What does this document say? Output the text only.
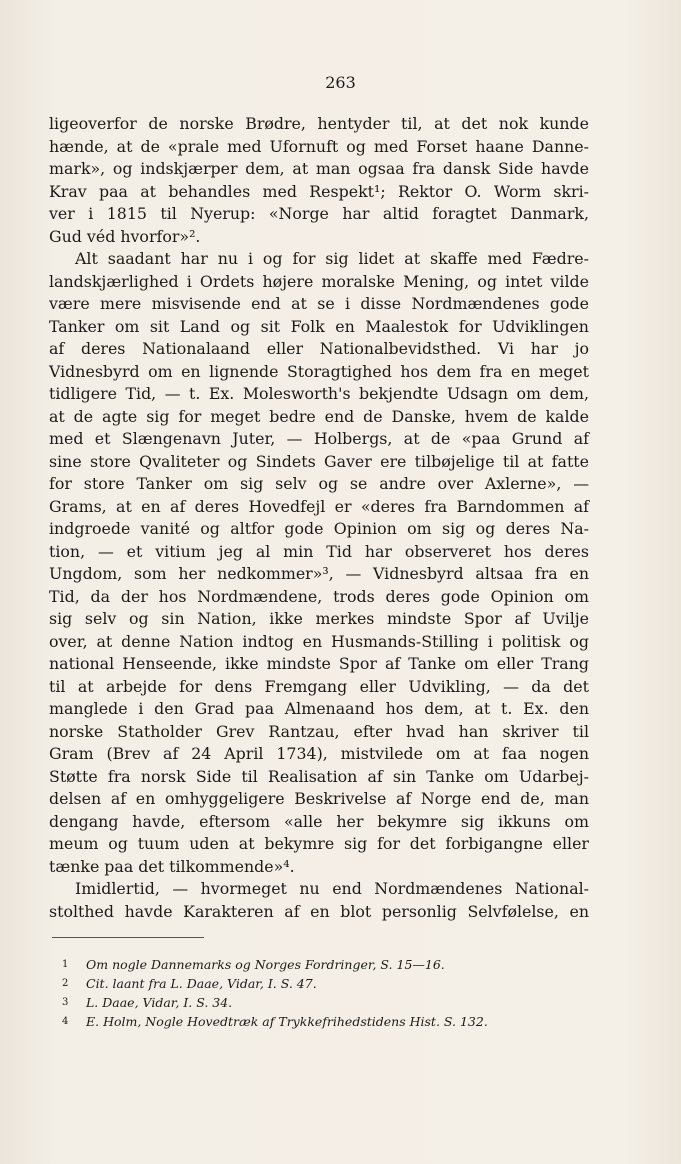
263
ligeoverfor de norske Brødre, hentyder til, at det nok kunde
hænde, at de «prale med Ufornuft og med Forset haane Danne-
mark», og indskjærper dem, at man ogsaa fra dansk Side havde
Krav paa at behandles med Respekt¹; Rektor O. Worm skri-
ver i 1815 til Nyerup: «Norge har altid foragtet Danmark,
Gud véd hvorfor»².
Alt saadant har nu i og for sig lidet at skaffe med Fædre-
landskjærlighed i Ordets højere moralske Mening, og intet vilde
være mere misvisende end at se i disse Nordmændenes gode
Tanker om sit Land og sit Folk en Maalestok for Udviklingen
af deres Nationalaand eller Nationalbevidsthed. Vi har jo
Vidnesbyrd om en lignende Storagtighed hos dem fra en meget
tidligere Tid, — t. Ex. Molesworth's bekjendte Udsagn om dem,
at de agte sig for meget bedre end de Danske, hvem de kalde
med et Slængenavn Juter, — Holbergs, at de «paa Grund af
sine store Qvaliteter og Sindets Gaver ere tilbøjelige til at fatte
for store Tanker om sig selv og se andre over Axlerne», —
Grams, at en af deres Hovedfejl er «deres fra Barndommen af
indgroede vanité og altfor gode Opinion om sig og deres Na-
tion, — et vitium jeg al min Tid har observeret hos deres
Ungdom, som her nedkommer»³, — Vidnesbyrd altsaa fra en
Tid, da der hos Nordmændene, trods deres gode Opinion om
sig selv og sin Nation, ikke merkes mindste Spor af Uvilje
over, at denne Nation indtog en Husmands-Stilling i politisk og
national Henseende, ikke mindste Spor af Tanke om eller Trang
til at arbejde for dens Fremgang eller Udvikling, — da det
manglede i den Grad paa Almenaand hos dem, at t. Ex. den
norske Statholder Grev Rantzau, efter hvad han skriver til
Gram (Brev af 24 April 1734), mistvilede om at faa nogen
Støtte fra norsk Side til Realisation af sin Tanke om Udarbej-
delsen af en omhyggeligere Beskrivelse af Norge end de, man
dengang havde, eftersom «alle her bekymre sig ikkuns om
meum og tuum uden at bekymre sig for det forbigangne eller
tænke paa det tilkommende»⁴.
Imidlertid, — hvormeget nu end Nordmændenes National-
stolthed havde Karakteren af en blot personlig Selvfølelse, en
1 Om nogle Dannemarks og Norges Fordringer, S. 15—16.
2 Cit. laant fra L. Daae, Vidar, I. S. 47.
3 L. Daae, Vidar, I. S. 34.
4 E. Holm, Nogle Hovedtræk af Trykkefrihedstidens Hist. S. 132.
